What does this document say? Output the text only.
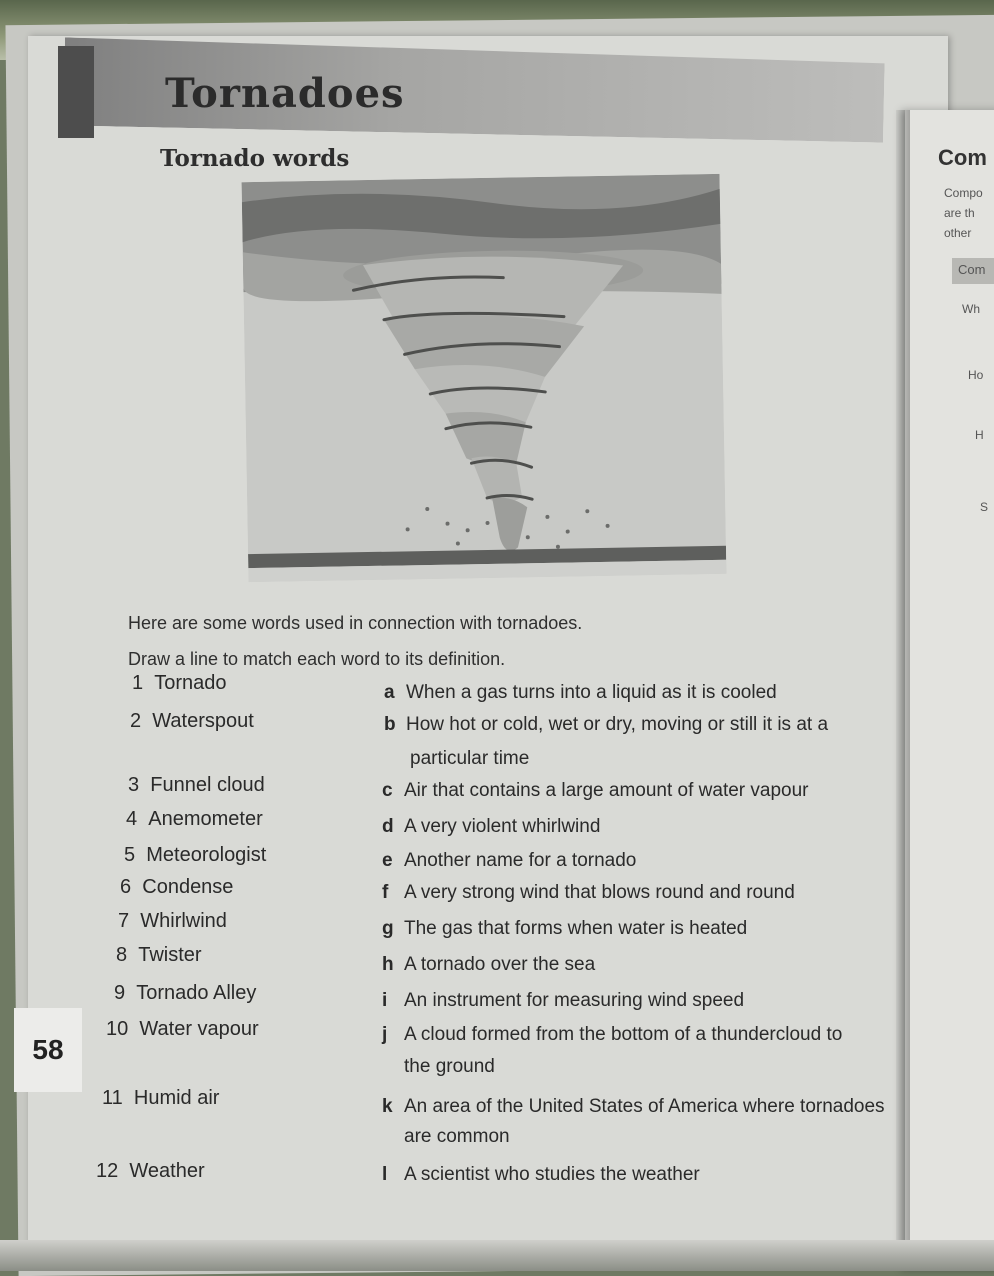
Tornadoes
Tornado words
Here are some words used in connection with tornadoes.
Draw a line to match each word to its definition.
1 Tornado
2 Waterspout
3 Funnel cloud
4 Anemometer
5 Meteorologist
6 Condense
7 Whirlwind
8 Twister
9 Tornado Alley
10 Water vapour
11 Humid air
12 Weather
a When a gas turns into a liquid as it is cooled
b How hot or cold, wet or dry, moving or still it is at a
particular time
c Air that contains a large amount of water vapour
d A very violent whirlwind
e Another name for a tornado
f A very strong wind that blows round and round
g The gas that forms when water is heated
h A tornado over the sea
i An instrument for measuring wind speed
j A cloud formed from the bottom of a thundercloud to
the ground
k An area of the United States of America where tornadoes
are common
l A scientist who studies the weather
58
Com
Compo
are th
other
Com
Wh
Ho
H
S
